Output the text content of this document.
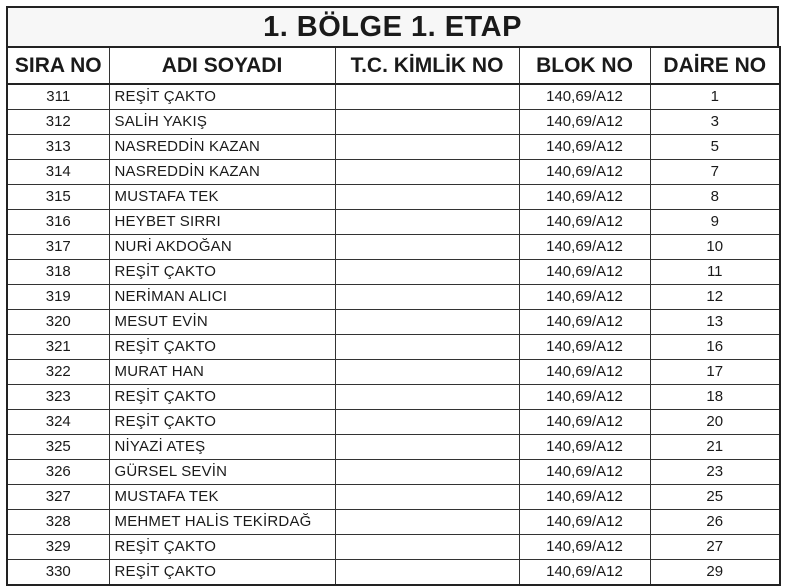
1. BÖLGE 1. ETAP
SIRA NO	ADI SOYADI	T.C. KİMLİK NO	BLOK NO	DAİRE NO
311	REŞİT ÇAKTO		140,69/A12	1
312	SALİH YAKIŞ		140,69/A12	3
313	NASREDDİN KAZAN		140,69/A12	5
314	NASREDDİN KAZAN		140,69/A12	7
315	MUSTAFA TEK		140,69/A12	8
316	HEYBET SIRRI		140,69/A12	9
317	NURİ AKDOĞAN		140,69/A12	10
318	REŞİT ÇAKTO		140,69/A12	11
319	NERİMAN ALICI		140,69/A12	12
320	MESUT EVİN		140,69/A12	13
321	REŞİT ÇAKTO		140,69/A12	16
322	MURAT HAN		140,69/A12	17
323	REŞİT ÇAKTO		140,69/A12	18
324	REŞİT ÇAKTO		140,69/A12	20
325	NİYAZİ ATEŞ		140,69/A12	21
326	GÜRSEL SEVİN		140,69/A12	23
327	MUSTAFA TEK		140,69/A12	25
328	MEHMET HALİS TEKİRDAĞ		140,69/A12	26
329	REŞİT ÇAKTO		140,69/A12	27
330	REŞİT ÇAKTO		140,69/A12	29
